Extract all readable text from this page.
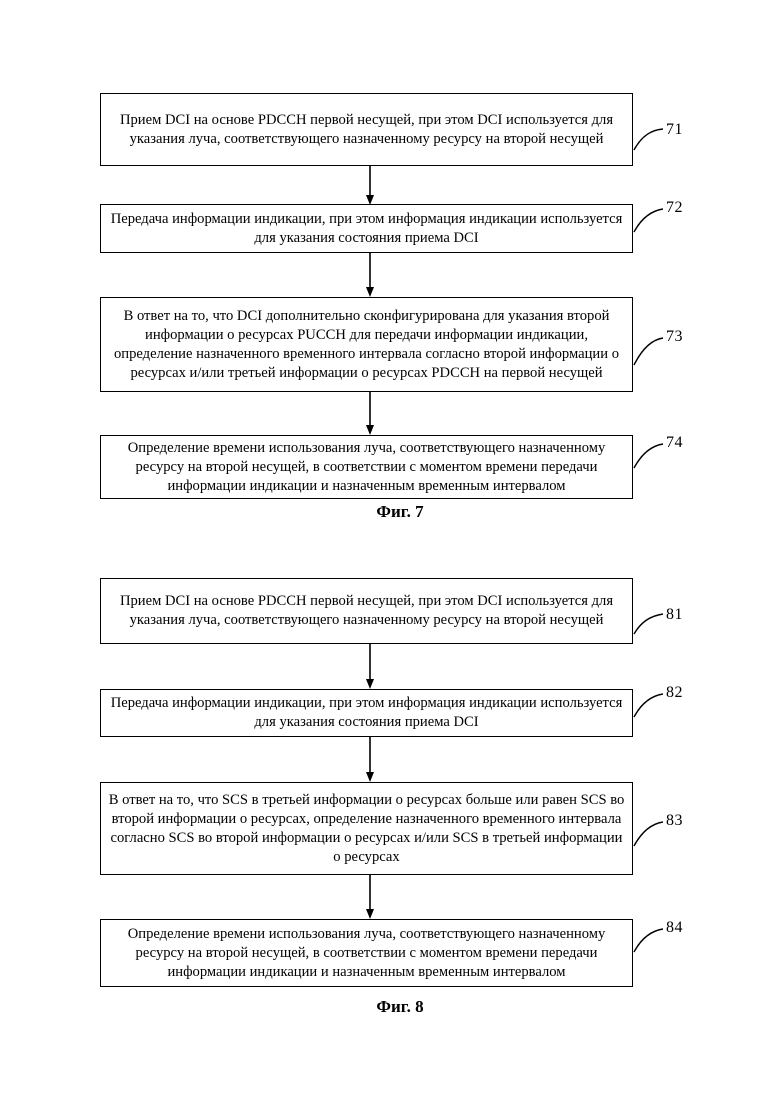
Прием DCI на основе PDCCH первой несущей, при этом DCI используется для указания луча, соответствующего назначенному ресурсу на второй несущей
71
Передача информации индикации, при этом информация индикации используется для указания состояния приема DCI
72
В ответ на то, что DCI дополнительно сконфигурирована для указания второй информации о ресурсах PUCCH для передачи информации индикации, определение назначенного временного интервала согласно второй информации о ресурсах и/или третьей информации о ресурсах PDCCH на первой несущей
73
Определение времени использования луча, соответствующего назначенному ресурсу на второй несущей, в соответствии с моментом времени передачи информации индикации и назначенным временным интервалом
74
Фиг. 7
Прием DCI на основе PDCCH первой несущей, при этом DCI используется для указания луча, соответствующего назначенному ресурсу на второй несущей	81
Передача информации индикации, при этом информация индикации используется для указания состояния приема DCI
82
В ответ на то, что SCS в третьей информации о ресурсах больше или равен SCS во второй информации о ресурсах, определение назначенного временного интервала согласно SCS во второй информации о ресурсах и/или SCS в третьей информации о ресурсах
83
Определение времени использования луча, соответствующего назначенному ресурсу на второй несущей, в соответствии с моментом времени передачи информации индикации и назначенным временным интервалом
84
Фиг. 8
